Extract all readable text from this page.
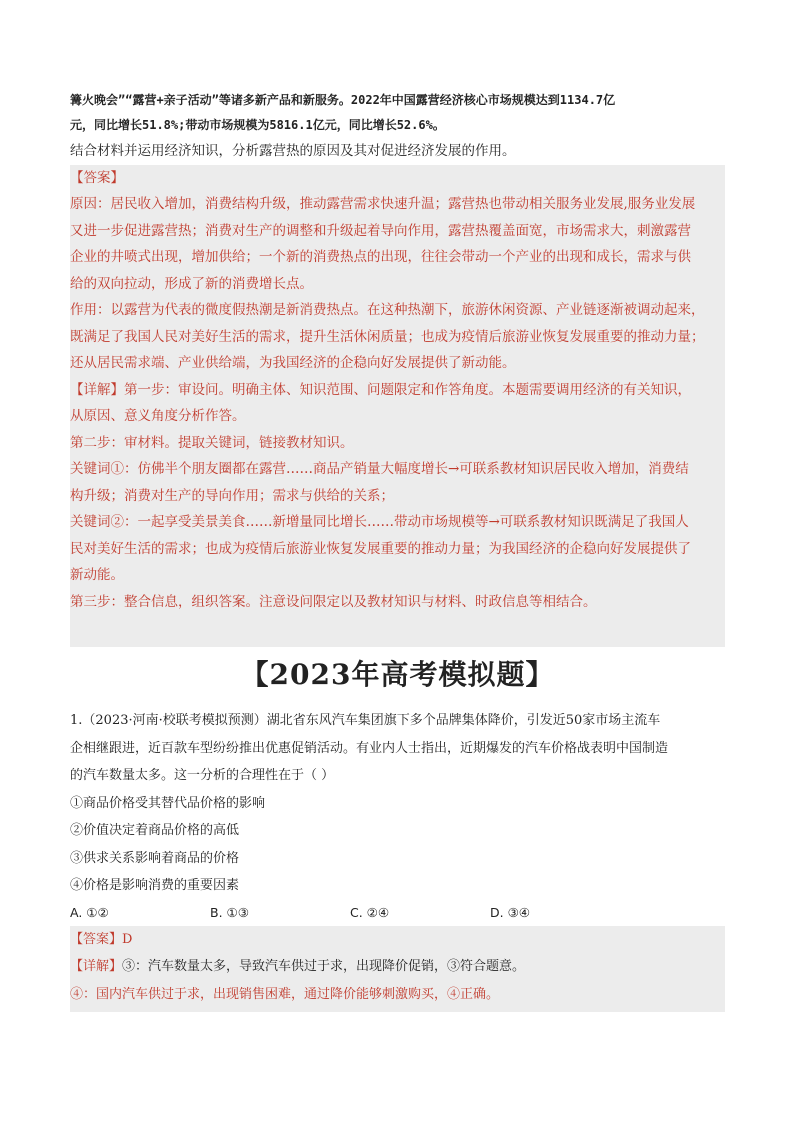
篝火晚会”“露营+亲子活动”等诸多新产品和新服务。2022年中国露营经济核心市场规模达到1134.7亿
元，同比增长51.8%;带动市场规模为5816.1亿元，同比增长52.6%。
结合材料并运用经济知识，分析露营热的原因及其对促进经济发展的作用。
【答案】
原因：居民收入增加，消费结构升级，推动露营需求快速升温；露营热也带动相关服务业发展,服务业发展
又进一步促进露营热；消费对生产的调整和升级起着导向作用，露营热覆盖面宽，市场需求大，刺激露营
企业的井喷式出现，增加供给；一个新的消费热点的出现，往往会带动一个产业的出现和成长，需求与供
给的双向拉动，形成了新的消费增长点。
作用：以露营为代表的微度假热潮是新消费热点。在这种热潮下，旅游休闲资源、产业链逐渐被调动起来，
既满足了我国人民对美好生活的需求，提升生活休闲质量；也成为疫情后旅游业恢复发展重要的推动力量；
还从居民需求端、产业供给端，为我国经济的企稳向好发展提供了新动能。
【详解】第一步：审设问。明确主体、知识范围、问题限定和作答角度。本题需要调用经济的有关知识，
从原因、意义角度分析作答。
第二步：审材料。提取关键词，链接教材知识。
关键词①：仿佛半个朋友圈都在露营……商品产销量大幅度增长→可联系教材知识居民收入增加，消费结
构升级；消费对生产的导向作用；需求与供给的关系；
关键词②：一起享受美景美食……新增量同比增长……带动市场规模等→可联系教材知识既满足了我国人
民对美好生活的需求；也成为疫情后旅游业恢复发展重要的推动力量；为我国经济的企稳向好发展提供了
新动能。
第三步：整合信息，组织答案。注意设问限定以及教材知识与材料、时政信息等相结合。
【2023年高考模拟题】
1.（2023·河南·校联考模拟预测）湖北省东风汽车集团旗下多个品牌集体降价，引发近50家市场主流车
企相继跟进，近百款车型纷纷推出优惠促销活动。有业内人士指出，近期爆发的汽车价格战表明中国制造
的汽车数量太多。这一分析的合理性在于（ ）
①商品价格受其替代品价格的影响
②价值决定着商品价格的高低
③供求关系影响着商品的价格
④价格是影响消费的重要因素
A. ①②	B. ①③	C. ②④	D. ③④
【答案】D
【详解】③：汽车数量太多，导致汽车供过于求，出现降价促销，③符合题意。
④：国内汽车供过于求，出现销售困难，通过降价能够刺激购买，④正确。
